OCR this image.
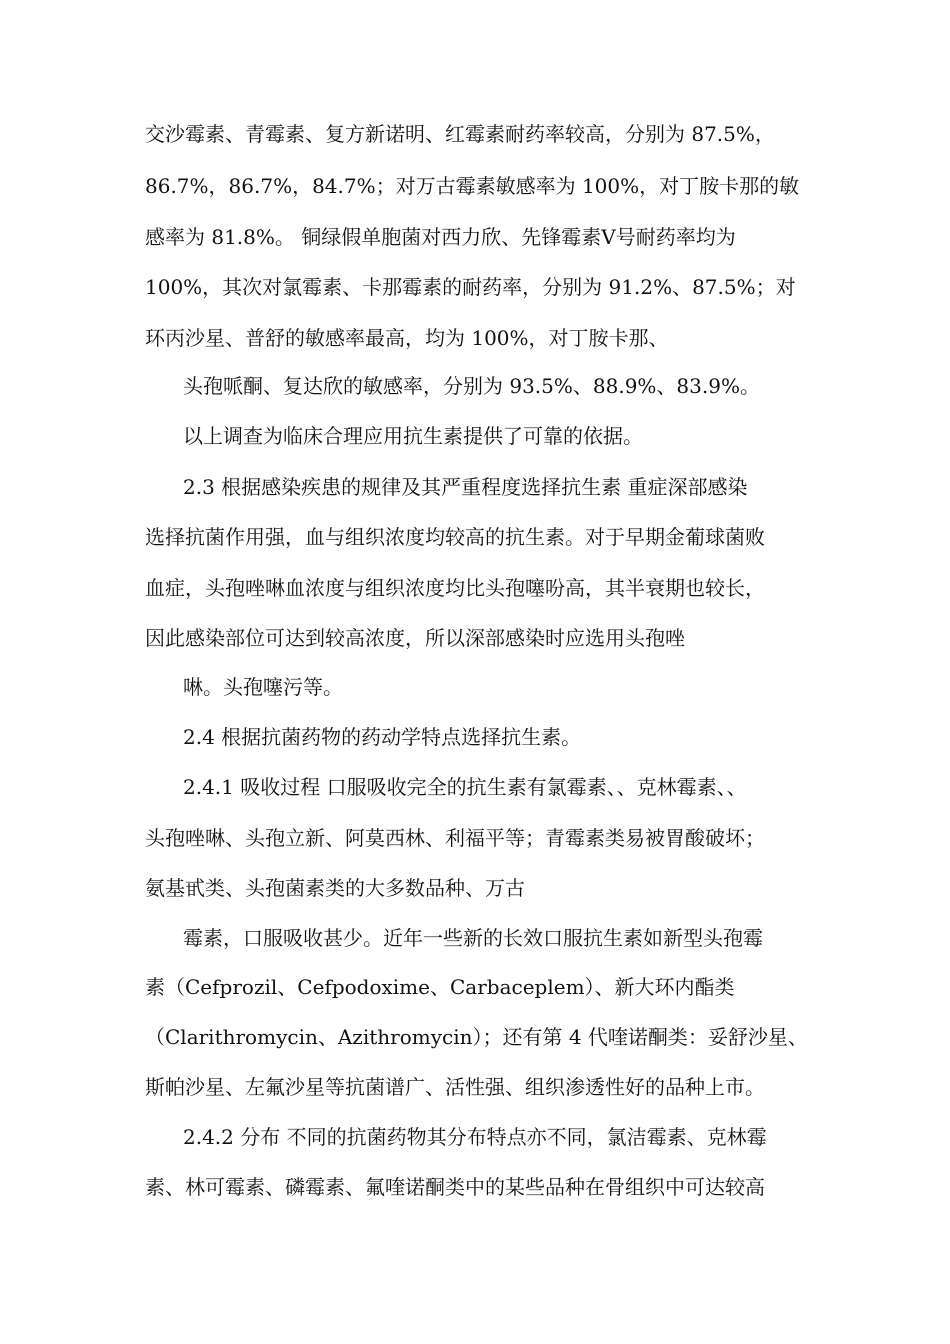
交沙霉素、青霉素、复方新诺明、红霉素耐药率较高，分别为 87.5%，
86.7%，86.7%，84.7%；对万古霉素敏感率为 100%，对丁胺卡那的敏
感率为 81.8%。 铜绿假单胞菌对西力欣、先锋霉素Ⅴ号耐药率均为
100%，其次对氯霉素、卡那霉素的耐药率，分别为 91.2%、87.5%；对
环丙沙星、普舒的敏感率最高，均为 100%，对丁胺卡那、
头孢哌酮、复达欣的敏感率，分别为 93.5%、88.9%、83.9%。
以上调查为临床合理应用抗生素提供了可靠的依据。
2.3 根据感染疾患的规律及其严重程度选择抗生素 重症深部感染
选择抗菌作用强，血与组织浓度均较高的抗生素。对于早期金葡球菌败
血症，头孢唑啉血浓度与组织浓度均比头孢噻吩高，其半衰期也较长，
因此感染部位可达到较高浓度，所以深部感染时应选用头孢唑
啉。头孢噻污等。
2.4 根据抗菌药物的药动学特点选择抗生素。
2.4.1 吸收过程 口服吸收完全的抗生素有氯霉素、、克林霉素、、
头孢唑啉、头孢立新、阿莫西林、利福平等；青霉素类易被胃酸破坏；
氨基甙类、头孢菌素类的大多数品种、万古
霉素，口服吸收甚少。近年一些新的长效口服抗生素如新型头孢霉
素（Cefprozil、Cefpodoxime、Carbaceplem）、新大环内酯类
（Clarithromycin、Azithromycin）；还有第 4 代喹诺酮类：妥舒沙星、
斯帕沙星、左氟沙星等抗菌谱广、活性强、组织渗透性好的品种上市。
2.4.2 分布 不同的抗菌药物其分布特点亦不同，氯洁霉素、克林霉
素、林可霉素、磷霉素、氟喹诺酮类中的某些品种在骨组织中可达较高
